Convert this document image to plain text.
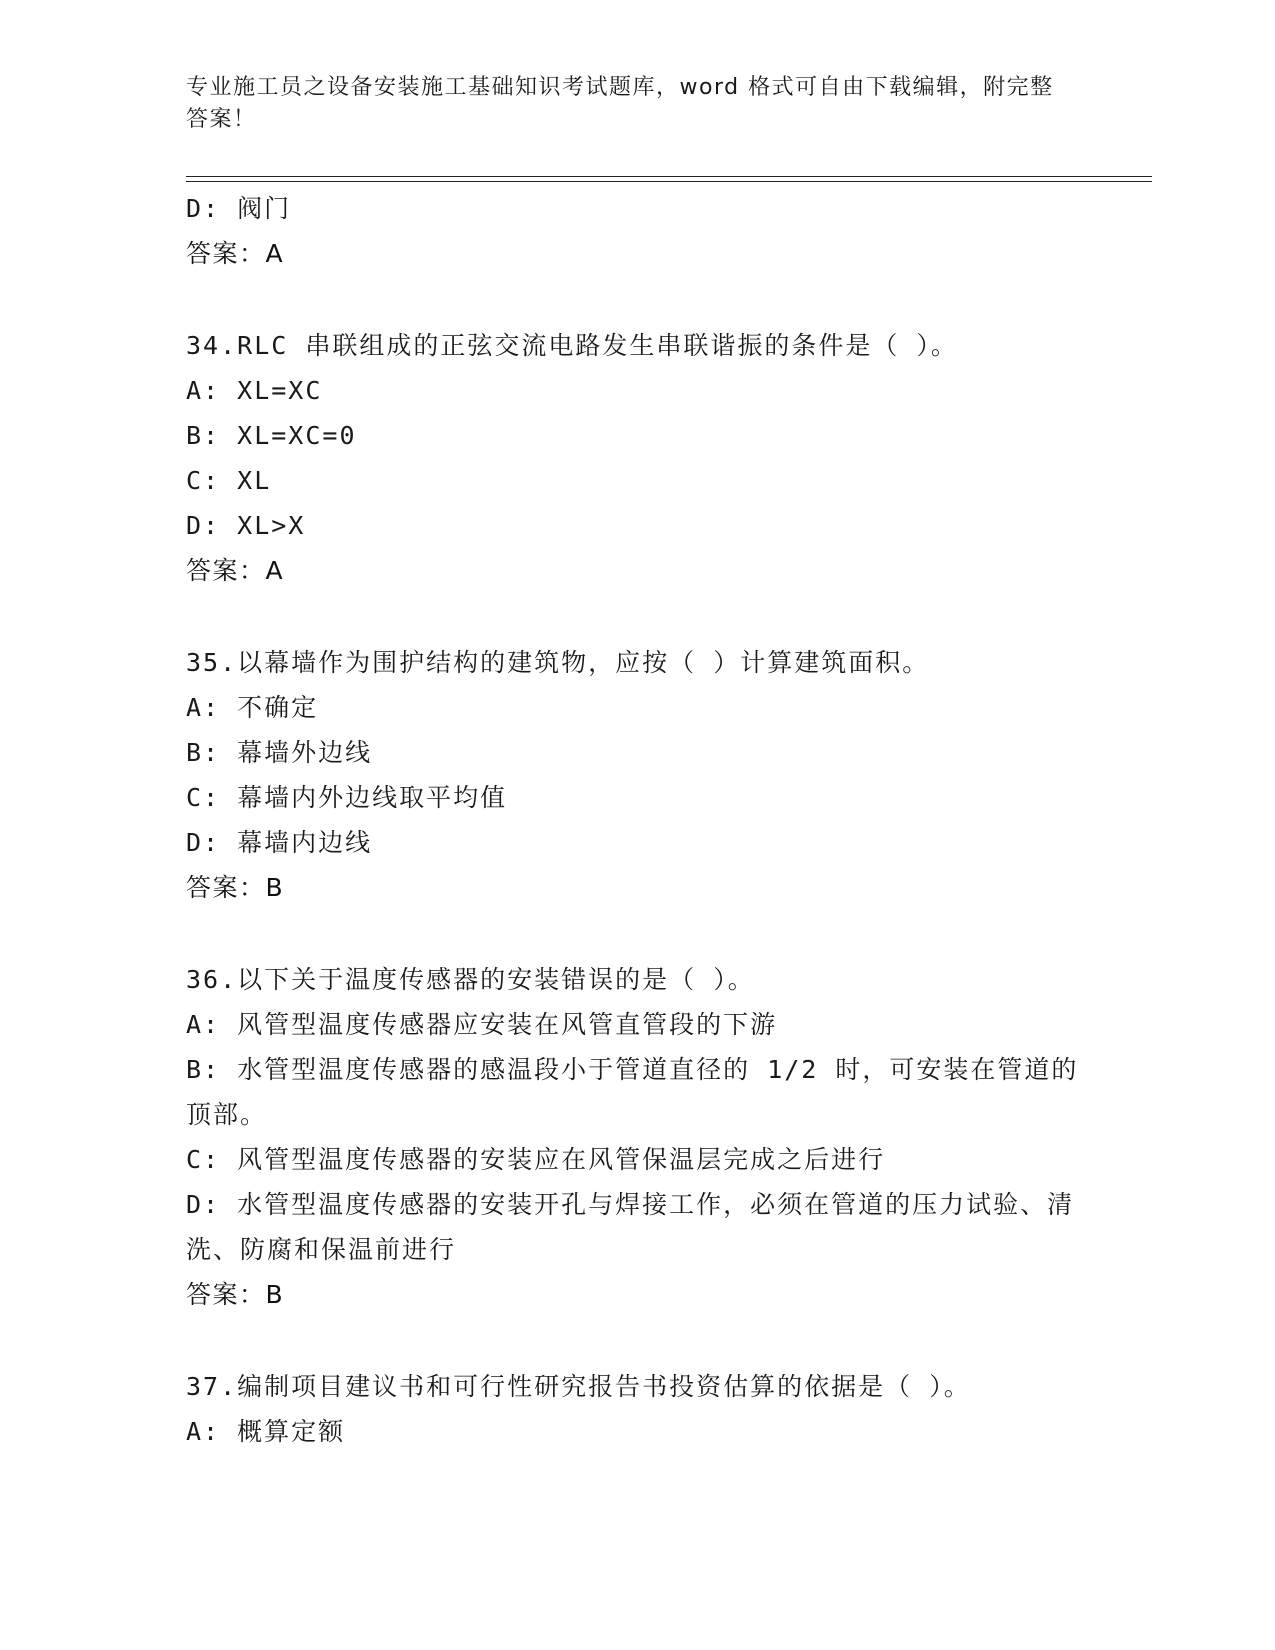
专业施工员之设备安装施工基础知识考试题库，word 格式可自由下载编辑，附完整答案！
D: 阀门
答案：A
34.RLC 串联组成的正弦交流电路发生串联谐振的条件是（ ）。
A: XL=XC
B: XL=XC=0
C: XL
D: XL>X
答案：A
35.以幕墙作为围护结构的建筑物，应按（ ）计算建筑面积。
A: 不确定
B: 幕墙外边线
C: 幕墙内外边线取平均值
D: 幕墙内边线
答案：B
36.以下关于温度传感器的安装错误的是（ ）。
A: 风管型温度传感器应安装在风管直管段的下游
B: 水管型温度传感器的感温段小于管道直径的 1/2 时，可安装在管道的顶部。
C: 风管型温度传感器的安装应在风管保温层完成之后进行
D: 水管型温度传感器的安装开孔与焊接工作，必须在管道的压力试验、清洗、防腐和保温前进行
答案：B
37.编制项目建议书和可行性研究报告书投资估算的依据是（ ）。
A: 概算定额
